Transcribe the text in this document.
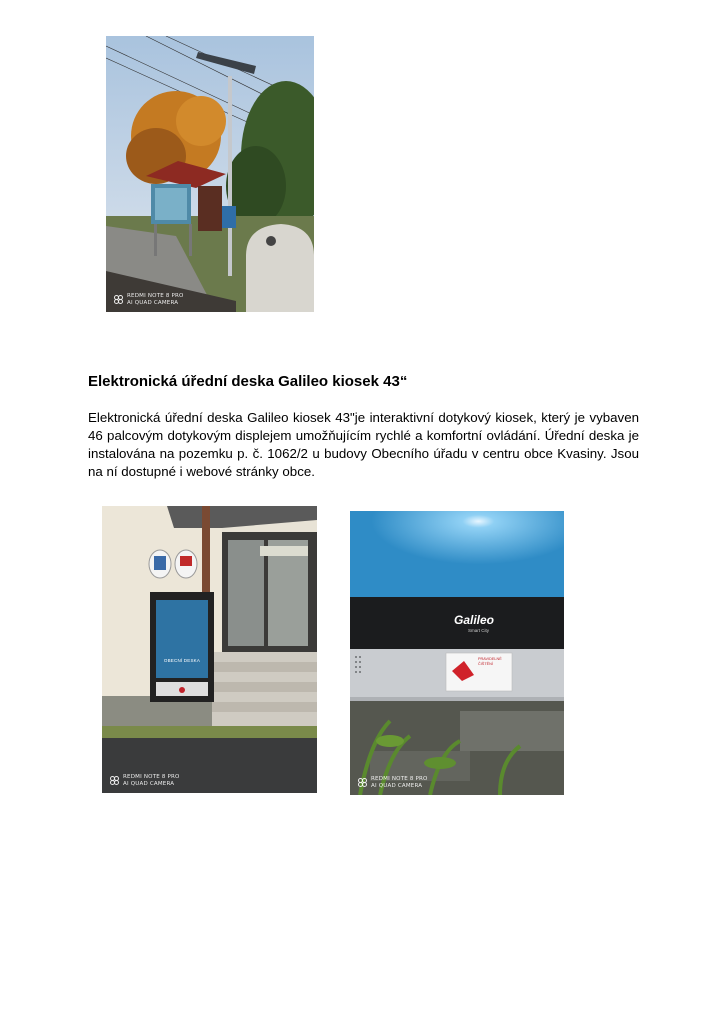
REDMI NOTE 8 PRO
AI QUAD CAMERA
Elektronická úřední deska Galileo kiosek 43“

Elektronická úřední deska Galileo kiosek 43"je interaktivní dotykový kiosek, který je vybaven 46 palcovým dotykovým displejem umožňujícím rychlé a komfortní ovládání. Úřední deska je instalována na pozemku p. č. 1062/2 u budovy Obecního úřadu v centru obce Kvasiny. Jsou na ní dostupné i webové stránky obce.

OBECNÍ DESKA
REDMI NOTE 8 PRO
AI QUAD CAMERA
Galileo
Smart City
PRAVIDELNÉ ČIŠTĚNÍ
REDMI NOTE 8 PRO
AI QUAD CAMERA
